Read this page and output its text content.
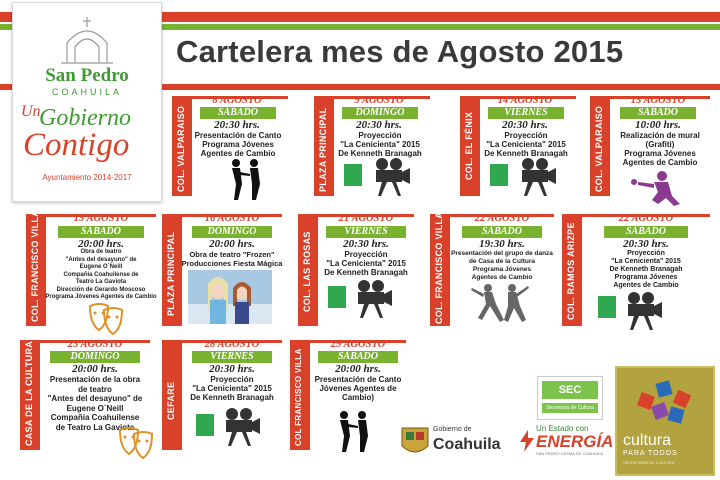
San Pedro
COAHUILA
Un
Gobierno
Contigo
Ayuntamiento 2014-2017
Cartelera mes de Agosto 2015
COL. VALPARAISO
8 AGOSTO
SÁBADO
20:30 hrs.
Presentación de Canto
Programa Jóvenes
Agentes de Cambio	PLAZA PRINCIPAL
9 AGOSTO
DOMINGO
20:30 hrs.
Proyección
"La Cenicienta" 2015
De Kenneth Branagah	COL. EL FÉNIX
14 AGOSTO
VIERNES
20:30 hrs.
Proyección
"La Cenicienta" 2015
De Kenneth Branagah	COL. VALPARAISO
15 AGOSTO
SÁBADO
10:00 hrs.
Realización de mural
(Grafiti)
Programa Jóvenes
Agentes de Cambio
COL. FRANCISCO VILLA	15 AGOSTO
SÁBADO
20:00 hrs.
Obra de teatro
"Antes del desayuno" de
Eugene O´Neill
Compañía Coahuilense de
Teatro La Gaviota
Dirección de Gerardo Moscoso
Programa Jóvenes Agentes de Cambio	PLAZA PRINCIPAL
16 AGOSTO
DOMINGO
20:00 hrs.
Obra de teatro "Frozen"
Producciones Fiesta Mágica COL. LAS ROSAS
21 AGOSTO
VIERNES
20:30 hrs.
Proyección
"La Cenicienta" 2015
De Kenneth Branagah	COL. FRANCISCO VILLA	22 AGOSTO
SÁBADO
19:30 hrs.
Presentación del grupo de danza
de Casa de la Cultura
Programa Jóvenes
Agentes de Cambio	COL. RAMOS ARIZPE
22 AGOSTO
SÁBADO
20:30 hrs.
Proyección
"La Cenicienta" 2015
De Kenneth Branagah
Programa Jóvenes
Agentes de Cambio
CASA DE LA CULTURA	23 AGOSTO
DOMINGO
20:00 hrs.
Presentación de la obra
de teatro
"Antes del desayuno" de
Eugene O´Neill
Compañía Coahuilense
de Teatro La Gaviota
CEFARE
28 AGOSTO
VIERNES
20:30 hrs.
Proyección
"La Cenicienta" 2015
De Kenneth Branagah	COL FRANCISCO VILLA
29 AGOSTO
SÁBADO
20:00 hrs.
Presentación de Canto
Jóvenes Agentes de
Cambio)
SEC
Secretaría de Cultura
Gobierno de
Coahuila
Un Estado con
ENERGÍA
SAN PEDRO CASMA DE COAHUILA
cultura
PARA TODOS
SECRETARÍA DE CULTURA
